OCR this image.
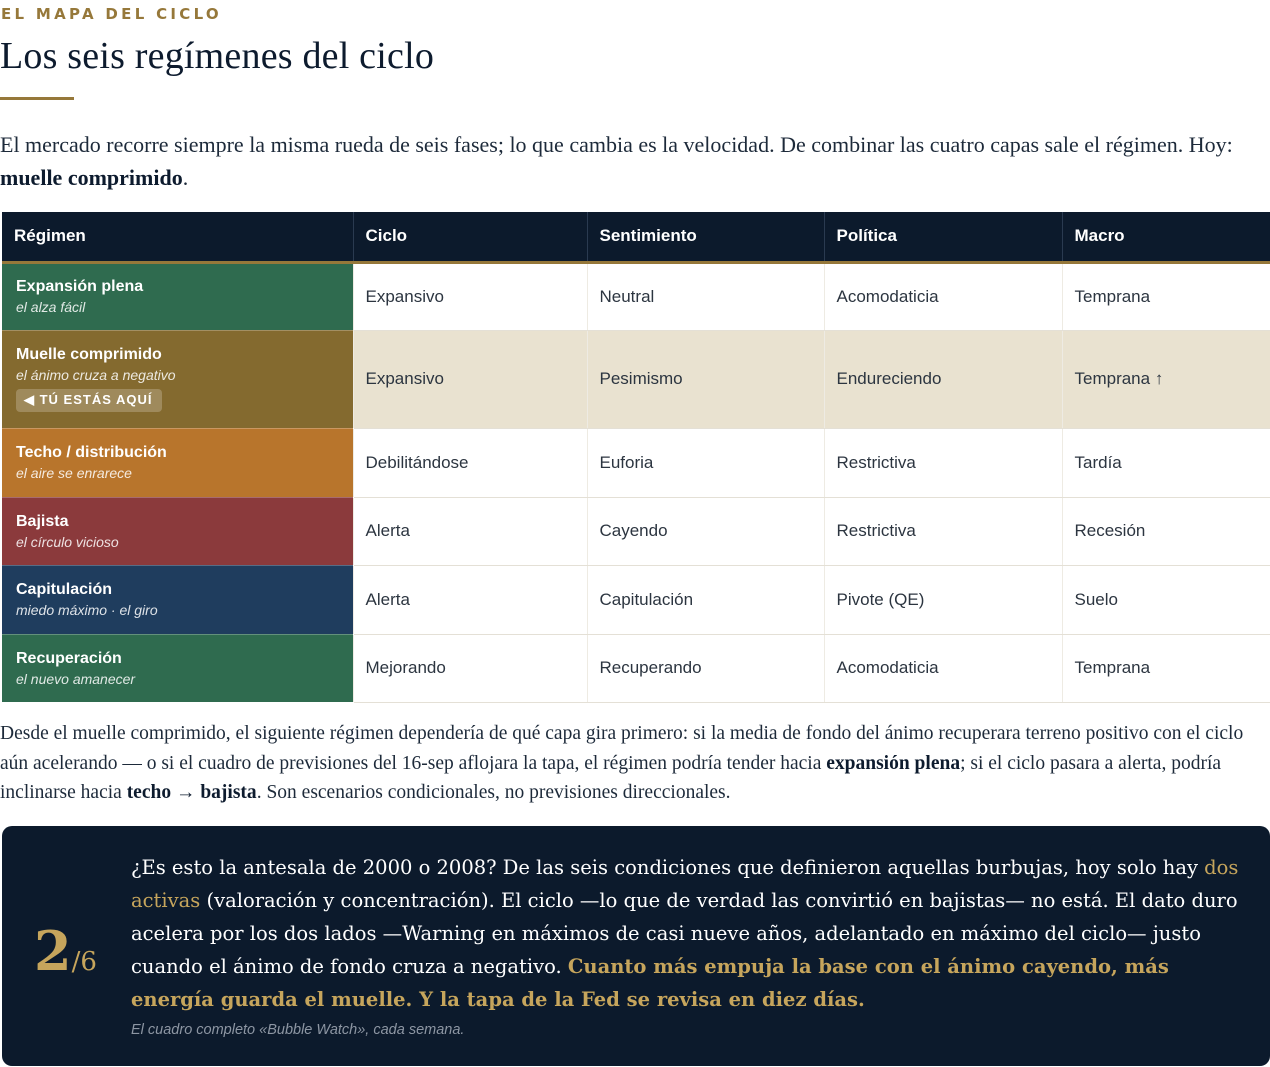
EL MAPA DEL CICLO
Los seis regímenes del ciclo

El mercado recorre siempre la misma rueda de seis fases; lo que cambia es la velocidad. De combinar las cuatro capas sale el régimen. Hoy: muelle comprimido.

Régimen	Ciclo	Sentimiento	Política	Macro

Expansión plena
el alza fácil	Expansivo	Neutral	Acomodaticia	Temprana

Muelle comprimido
el ánimo cruza a negativo
◀ TÚ ESTÁS AQUÍ	Expansivo	Pesimismo	Endureciendo	Temprana ↑

Techo / distribución
el aire se enrarece	Debilitándose	Euforia	Restrictiva	Tardía

Bajista
el círculo vicioso	Alerta	Cayendo	Restrictiva	Recesión

Capitulación
miedo máximo · el giro	Alerta	Capitulación	Pivote (QE)	Suelo

Recuperación
el nuevo amanecer	Mejorando	Recuperando	Acomodaticia	Temprana

Desde el muelle comprimido, el siguiente régimen dependería de qué capa gira primero: si la media de fondo del ánimo recuperara terreno positivo con el ciclo aún acelerando — o si el cuadro de previsiones del 16-sep aflojara la tapa, el régimen podría tender hacia expansión plena; si el ciclo pasara a alerta, podría inclinarse hacia techo → bajista. Son escenarios condicionales, no previsiones direccionales.

2/6

¿Es esto la antesala de 2000 o 2008? De las seis condiciones que definieron aquellas burbujas, hoy solo hay dos activas (valoración y concentración). El ciclo —lo que de verdad las convirtió en bajistas— no está. El dato duro acelera por los dos lados —Warning en máximos de casi nueve años, adelantado en máximo del ciclo— justo cuando el ánimo de fondo cruza a negativo. Cuanto más empuja la base con el ánimo cayendo, más energía guarda el muelle. Y la tapa de la Fed se revisa en diez días.

El cuadro completo «Bubble Watch», cada semana.
